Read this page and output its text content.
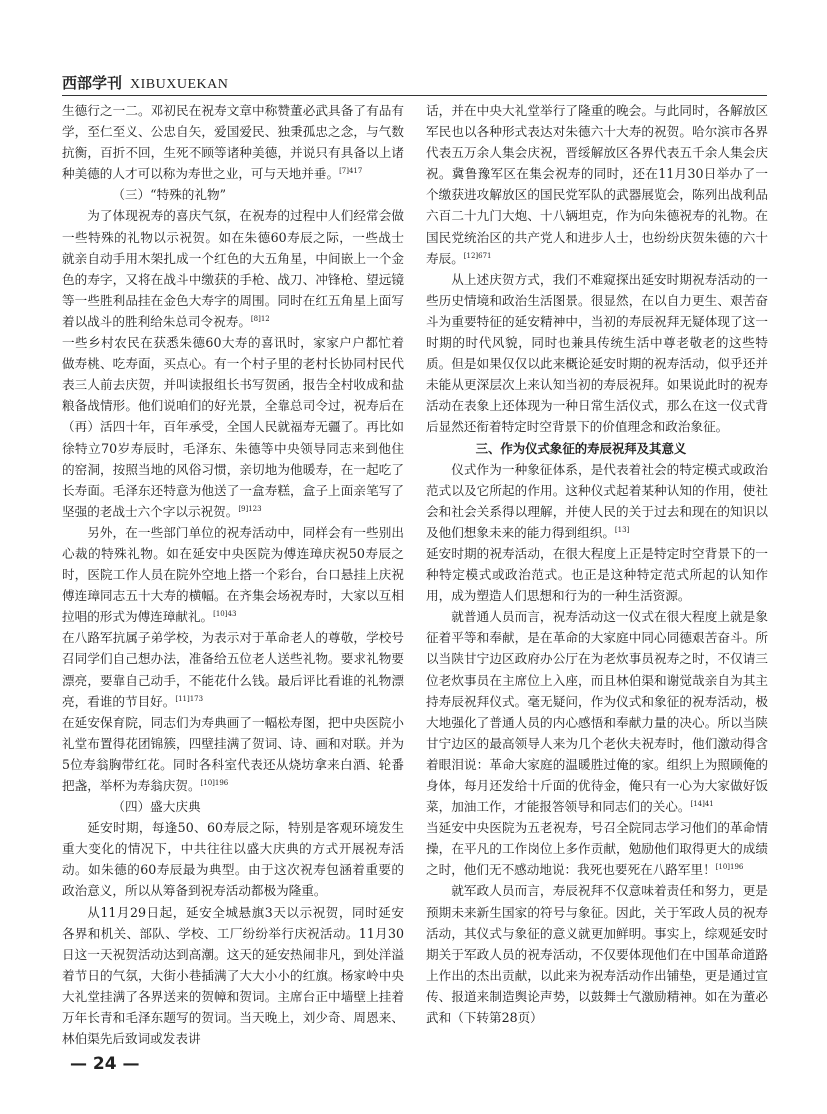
西部学刊 XIBUXUEKAN

生德行之一二。邓初民在祝寿文章中称赞董必武具备了有品有学，至仁至义、公忠自矢，爱国爱民、独秉孤忠之念，与气数抗衡，百折不回，生死不顾等诸种美德，并说只有具备以上诸种美德的人才可以称为寿世之业，可与天地并垂。$^{[7]417}$

（三）“特殊的礼物”

为了体现祝寿的喜庆气氛，在祝寿的过程中人们经常会做一些特殊的礼物以示祝贺。如在朱德60寿辰之际，一些战士就亲自动手用木架扎成一个红色的大五角星，中间嵌上一个金色的寿字，又将在战斗中缴获的手枪、战刀、冲锋枪、望远镜等一些胜利品挂在金色大寿字的周围。同时在红五角星上面写着以战斗的胜利给朱总司令祝寿。$^{[8]12}$

一些乡村农民在获悉朱德60大寿的喜讯时，家家户户都忙着做寿桃、吃寿面，买点心。有一个村子里的老村长协同村民代表三人前去庆贺，并叫读报组长书写贺函，报告全村收成和盐粮备战情形。他们说咱们的好光景，全靠总司令过，祝寿后在（再）活四十年，百年承受，全国人民就福寿无疆了。再比如徐特立70岁寿辰时，毛泽东、朱德等中央领导同志来到他住的窑洞，按照当地的风俗习惯，亲切地为他暖寿，在一起吃了长寿面。毛泽东还特意为他送了一盒寿糕，盒子上面亲笔写了坚强的老战士六个字以示祝贺。$^{[9]123}$

另外，在一些部门单位的祝寿活动中，同样会有一些别出心裁的特殊礼物。如在延安中央医院为傅连璋庆祝50寿辰之时，医院工作人员在院外空地上搭一个彩台，台口悬挂上庆祝傅连璋同志五十大寿的横幅。在齐集会场祝寿时，大家以互相拉唱的形式为傅连璋献礼。$^{[10]43}$

在八路军抗属子弟学校，为表示对于革命老人的尊敬，学校号召同学们自己想办法，准备给五位老人送些礼物。要求礼物要漂亮，要靠自己动手，不能花什么钱。最后评比看谁的礼物漂亮，看谁的节目好。$^{[11]173}$

在延安保育院，同志们为寿典画了一幅松寿图，把中央医院小礼堂布置得花团锦簇，四壁挂满了贺词、诗、画和对联。并为5位寿翁胸带红花。同时各科室代表还从烧坊拿来白酒、轮番把盏，举杯为寿翁庆贺。$^{[10]196}$

（四）盛大庆典

延安时期，每逢50、60寿辰之际，特别是客观环境发生重大变化的情况下，中共往往以盛大庆典的方式开展祝寿活动。如朱德的60寿辰最为典型。由于这次祝寿包涵着重要的政治意义，所以从筹备到祝寿活动都极为隆重。

从11月29日起，延安全城悬旗3天以示祝贺，同时延安各界和机关、部队、学校、工厂纷纷举行庆祝活动。11月30日这一天祝贺活动达到高潮。这天的延安热闹非凡，到处洋溢着节日的气氛，大街小巷插满了大大小小的红旗。杨家岭中央大礼堂挂满了各界送来的贺幛和贺词。主席台正中墙壁上挂着万年长青和毛泽东题写的贺词。当天晚上，刘少奇、周恩来、林伯渠先后致词或发表讲

话，并在中央大礼堂举行了隆重的晚会。与此同时，各解放区军民也以各种形式表达对朱德六十大寿的祝贺。哈尔滨市各界代表五万余人集会庆祝，晋绥解放区各界代表五千余人集会庆祝。冀鲁豫军区在集会祝寿的同时，还在11月30日举办了一个缴获进攻解放区的国民党军队的武器展览会，陈列出战利品六百二十九门大炮、十八辆坦克，作为向朱德祝寿的礼物。在国民党统治区的共产党人和进步人士，也纷纷庆贺朱德的六十寿辰。$^{[12]671}$

从上述庆贺方式，我们不难窥探出延安时期祝寿活动的一些历史情境和政治生活图景。很显然，在以自力更生、艰苦奋斗为重要特征的延安精神中，当初的寿辰祝拜无疑体现了这一时期的时代风貌，同时也兼具传统生活中尊老敬老的这些特质。但是如果仅仅以此来概论延安时期的祝寿活动，似乎还并未能从更深层次上来认知当初的寿辰祝拜。如果说此时的祝寿活动在表象上还体现为一种日常生活仪式，那么在这一仪式背后显然还衔着特定时空背景下的价值理念和政治象征。

三、作为仪式象征的寿辰祝拜及其意义

仪式作为一种象征体系，是代表着社会的特定模式或政治范式以及它所起的作用。这种仪式起着某种认知的作用，使社会和社会关系得以理解，并使人民的关于过去和现在的知识以及他们想象未来的能力得到组织。[13]

延安时期的祝寿活动，在很大程度上正是特定时空背景下的一种特定模式或政治范式。也正是这种特定范式所起的认知作用，成为塑造人们思想和行为的一种生活资源。

就普通人员而言，祝寿活动这一仪式在很大程度上就是象征着平等和奉献，是在革命的大家庭中同心同德艰苦奋斗。所以当陕甘宁边区政府办公厅在为老炊事员祝寿之时，不仅请三位老炊事员在主席位上入座，而且林伯渠和谢觉哉亲自为其主持寿辰祝拜仪式。毫无疑问，作为仪式和象征的祝寿活动，极大地强化了普通人员的内心感悟和奉献力量的决心。所以当陕甘宁边区的最高领导人来为几个老伙夫祝寿时，他们激动得含着眼泪说：革命大家庭的温暖胜过俺的家。组织上为照顾俺的身体，每月还发给十斤面的优待金，俺只有一心为大家做好饭菜，加油工作，才能报答领导和同志们的关心。$^{[14]41}$

当延安中央医院为五老祝寿，号召全院同志学习他们的革命情操，在平凡的工作岗位上多作贡献，勉励他们取得更大的成绩之时，他们无不感动地说：我死也要死在八路军里！$^{[10]196}$

就军政人员而言，寿辰祝拜不仅意味着责任和努力，更是预期未来新生国家的符号与象征。因此，关于军政人员的祝寿活动，其仪式与象征的意义就更加鲜明。事实上，综观延安时期关于军政人员的祝寿活动，不仅要体现他们在中国革命道路上作出的杰出贡献，以此来为祝寿活动作出铺垫，更是通过宣传、报道来制造舆论声势，以鼓舞士气激励精神。如在为董必武和（下转第28页）

— 24 —
